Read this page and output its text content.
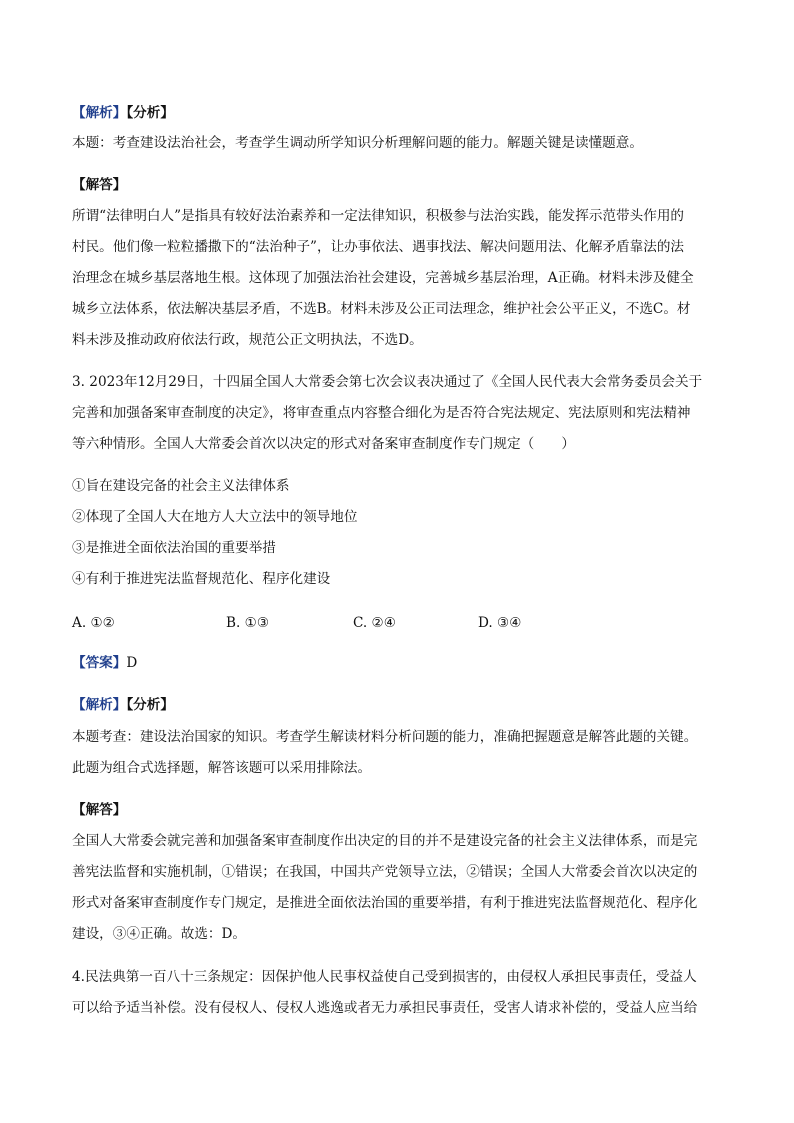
【解析】【分析】
本题：考查建设法治社会，考查学生调动所学知识分析理解问题的能力。解题关键是读懂题意。
【解答】
所谓“法律明白人”是指具有较好法治素养和一定法律知识，积极参与法治实践，能发挥示范带头作用的
村民。他们像一粒粒播撒下的“法治种子”，让办事依法、遇事找法、解决问题用法、化解矛盾靠法的法
治理念在城乡基层落地生根。这体现了加强法治社会建设，完善城乡基层治理，A正确。材料未涉及健全
城乡立法体系，依法解决基层矛盾，不选B。材料未涉及公正司法理念，维护社会公平正义，不选C。材
料未涉及推动政府依法行政，规范公正文明执法，不选D。
3. 2023年12月29日，十四届全国人大常委会第七次会议表决通过了《全国人民代表大会常务委员会关于
完善和加强备案审查制度的决定》，将审查重点内容整合细化为是否符合宪法规定、宪法原则和宪法精神
等六种情形。全国人大常委会首次以决定的形式对备案审查制度作专门规定（　　）
①旨在建设完备的社会主义法律体系
②体现了全国人大在地方人大立法中的领导地位
③是推进全面依法治国的重要举措
④有利于推进宪法监督规范化、程序化建设
A. ①②	B. ①③	C. ②④	D. ③④
【答案】D
【解析】【分析】
本题考查：建设法治国家的知识。考查学生解读材料分析问题的能力，准确把握题意是解答此题的关键。
此题为组合式选择题，解答该题可以采用排除法。
【解答】
全国人大常委会就完善和加强备案审查制度作出决定的目的并不是建设完备的社会主义法律体系，而是完
善宪法监督和实施机制，①错误；在我国，中国共产党领导立法，②错误；全国人大常委会首次以决定的
形式对备案审查制度作专门规定，是推进全面依法治国的重要举措，有利于推进宪法监督规范化、程序化
建设，③④正确。故选：D。
4.民法典第一百八十三条规定：因保护他人民事权益使自己受到损害的，由侵权人承担民事责任，受益人
可以给予适当补偿。没有侵权人、侵权人逃逸或者无力承担民事责任，受害人请求补偿的，受益人应当给
